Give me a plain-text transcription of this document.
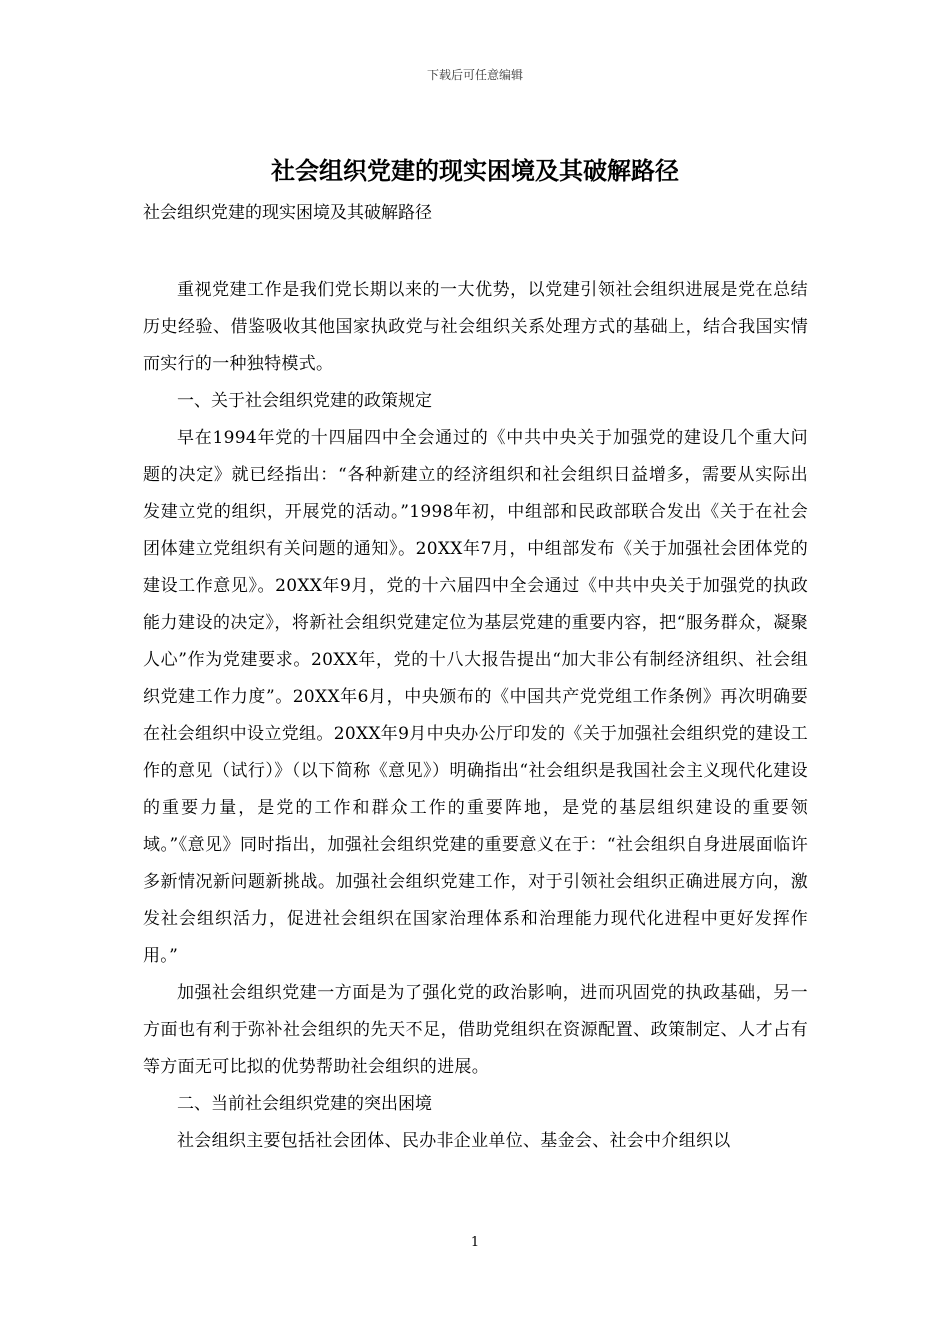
下载后可任意编辑
社会组织党建的现实困境及其破解路径

社会组织党建的现实困境及其破解路径

重视党建工作是我们党长期以来的一大优势，以党建引领社会组织进展是党在总结历史经验、借鉴吸收其他国家执政党与社会组织关系处理方式的基础上，结合我国实情而实行的一种独特模式。

一、关于社会组织党建的政策规定

早在1994年党的十四届四中全会通过的《中共中央关于加强党的建设几个重大问题的决定》就已经指出：“各种新建立的经济组织和社会组织日益增多，需要从实际出发建立党的组织，开展党的活动。”1998年初，中组部和民政部联合发出《关于在社会团体建立党组织有关问题的通知》。20XX年7月，中组部发布《关于加强社会团体党的建设工作意见》。20XX年9月，党的十六届四中全会通过《中共中央关于加强党的执政能力建设的决定》，将新社会组织党建定位为基层党建的重要内容，把“服务群众，凝聚人心”作为党建要求。20XX年，党的十八大报告提出“加大非公有制经济组织、社会组织党建工作力度”。20XX年6月，中央颁布的《中国共产党党组工作条例》再次明确要在社会组织中设立党组。20XX年9月中央办公厅印发的《关于加强社会组织党的建设工作的意见（试行）》（以下简称《意见》）明确指出“社会组织是我国社会主义现代化建设的重要力量，是党的工作和群众工作的重要阵地，是党的基层组织建设的重要领域。”《意见》同时指出，加强社会组织党建的重要意义在于：“社会组织自身进展面临许多新情况新问题新挑战。加强社会组织党建工作，对于引领社会组织正确进展方向，激发社会组织活力，促进社会组织在国家治理体系和治理能力现代化进程中更好发挥作用。”

加强社会组织党建一方面是为了强化党的政治影响，进而巩固党的执政基础，另一方面也有利于弥补社会组织的先天不足，借助党组织在资源配置、政策制定、人才占有等方面无可比拟的优势帮助社会组织的进展。

二、当前社会组织党建的突出困境

社会组织主要包括社会团体、民办非企业单位、基金会、社会中介组织以

1
